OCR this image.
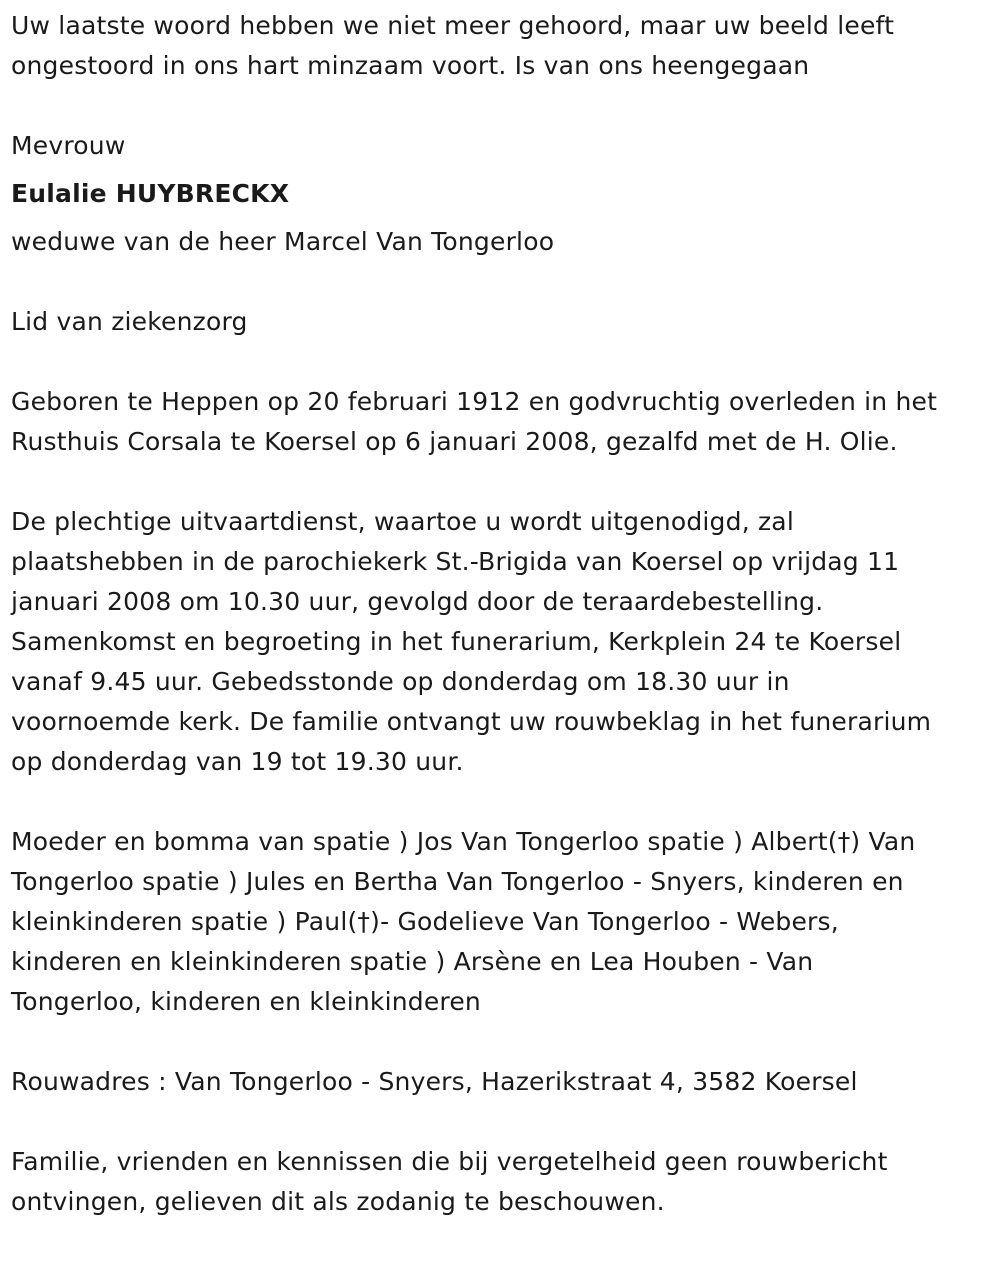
Uw laatste woord hebben we niet meer gehoord, maar uw beeld leeft
ongestoord in ons hart minzaam voort. Is van ons heengegaan
Mevrouw
Eulalie HUYBRECKX
weduwe van de heer Marcel Van Tongerloo
Lid van ziekenzorg
Geboren te Heppen op 20 februari 1912 en godvruchtig overleden in het
Rusthuis Corsala te Koersel op 6 januari 2008, gezalfd met de H. Olie.
De plechtige uitvaartdienst, waartoe u wordt uitgenodigd, zal
plaatshebben in de parochiekerk St.-Brigida van Koersel op vrijdag 11
januari 2008 om 10.30 uur, gevolgd door de teraardebestelling.
Samenkomst en begroeting in het funerarium, Kerkplein 24 te Koersel
vanaf 9.45 uur. Gebedsstonde op donderdag om 18.30 uur in
voornoemde kerk. De familie ontvangt uw rouwbeklag in het funerarium
op donderdag van 19 tot 19.30 uur.
Moeder en bomma van spatie ) Jos Van Tongerloo spatie ) Albert(†) Van
Tongerloo spatie ) Jules en Bertha Van Tongerloo - Snyers, kinderen en
kleinkinderen spatie ) Paul(†)- Godelieve Van Tongerloo - Webers,
kinderen en kleinkinderen spatie ) Arsène en Lea Houben - Van
Tongerloo, kinderen en kleinkinderen
Rouwadres : Van Tongerloo - Snyers, Hazerikstraat 4, 3582 Koersel
Familie, vrienden en kennissen die bij vergetelheid geen rouwbericht
ontvingen, gelieven dit als zodanig te beschouwen.
